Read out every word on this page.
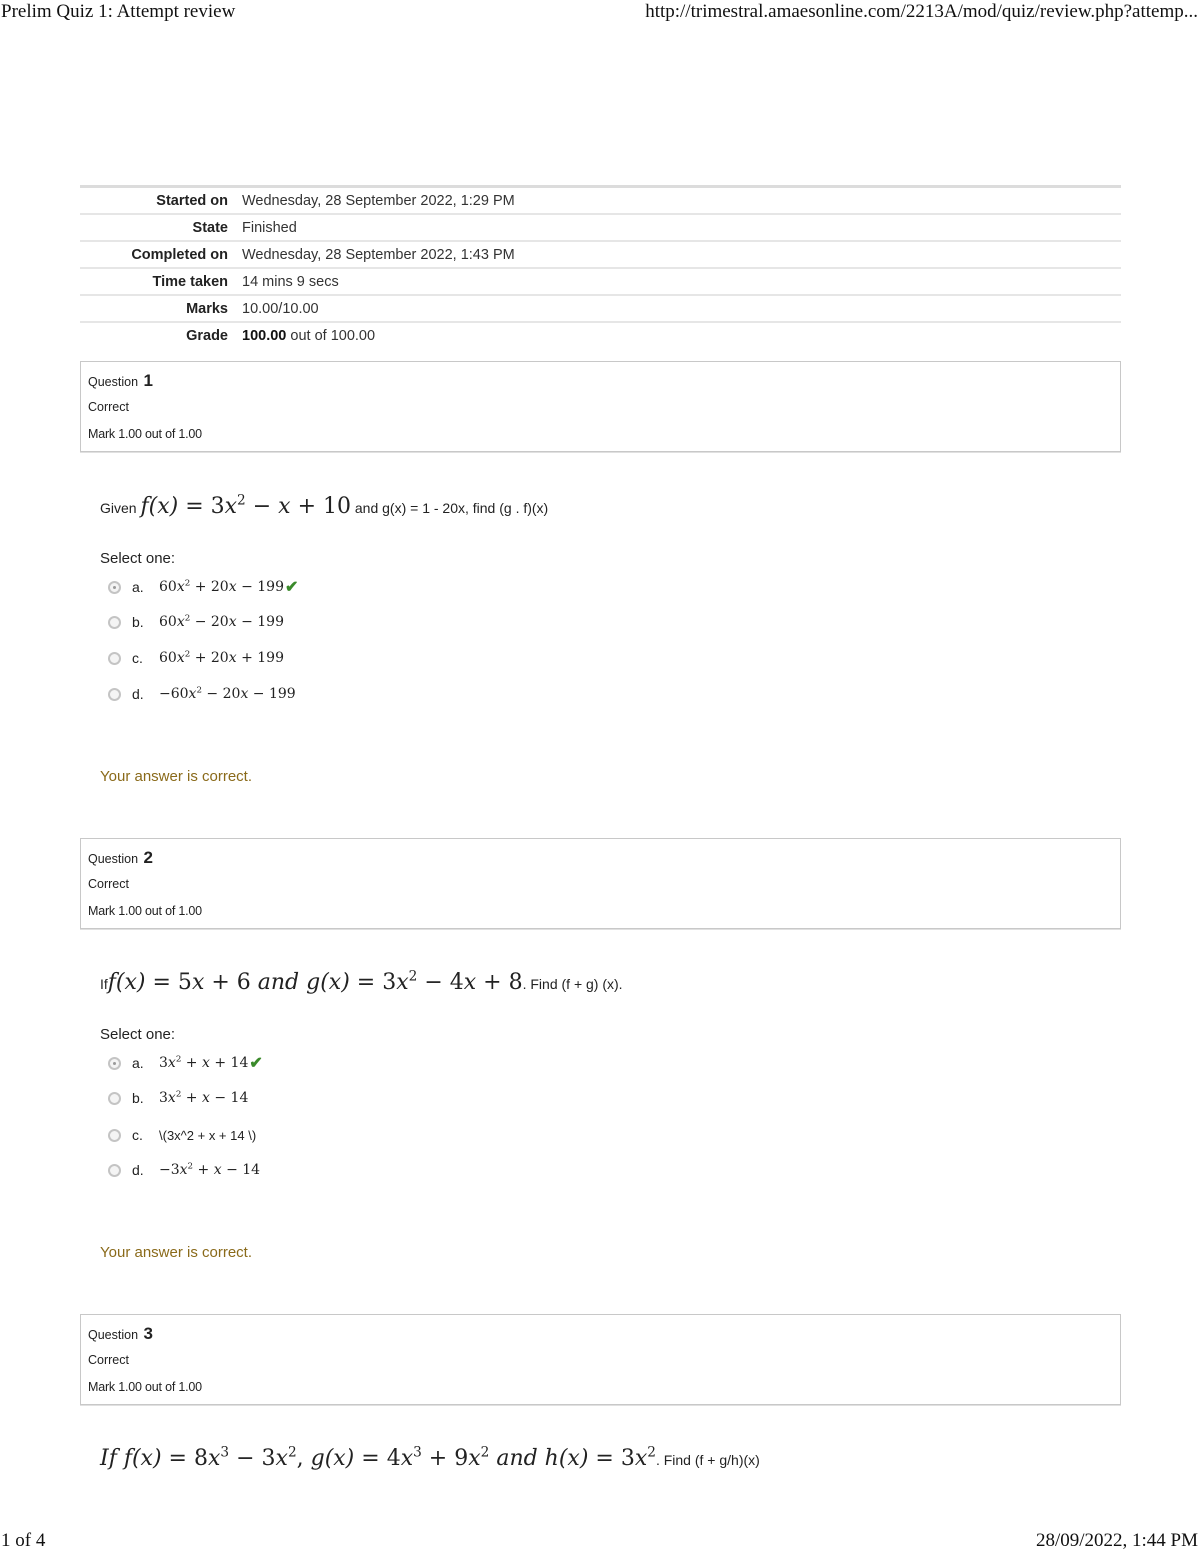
Prelim Quiz 1: Attempt review	http://trimestral.amaesonline.com/2213A/mod/quiz/review.php?attemp...
Started on Wednesday, 28 September 2022, 1:29 PM
State Finished
Completed on Wednesday, 28 September 2022, 1:43 PM
Time taken 14 mins 9 secs
Marks 10.00/10.00
Grade 100.00 out of 100.00
Question 1
Correct
Mark 1.00 out of 1.00
Given $f(x) = 3x^2 - x + 10$ and g(x) = 1 - 20x, find (g . f)(x)
Select one:
a.	$60x^2 + 20x - 199$ ✔
b.	$60x^2 - 20x - 199$
c.	$60x^2 + 20x + 199$
d.	$-60x^2 - 20x - 199$
Your answer is correct.
Question 2
Correct
Mark 1.00 out of 1.00
Iff(x) = 5x + 6 and $g(x) = 3x^2 - 4x + 8$. Find (f + g) (x).
Select one:
a.	$3x^2 + x + 14$ ✔
b.	$3x^2 + x - 14$
c.	\(3x^2 + x + 14 \)
d.	$-3x^2 + x - 14$
Your answer is correct.
Question 3
Correct
Mark 1.00 out of 1.00
If $f(x) = 8x^3 - 3x^2$, $g(x) = 4x^3 + 9x^2$ and $h(x) = 3x^2$. Find (f + g/h)(x)
1 of 4	28/09/2022, 1:44 PM
